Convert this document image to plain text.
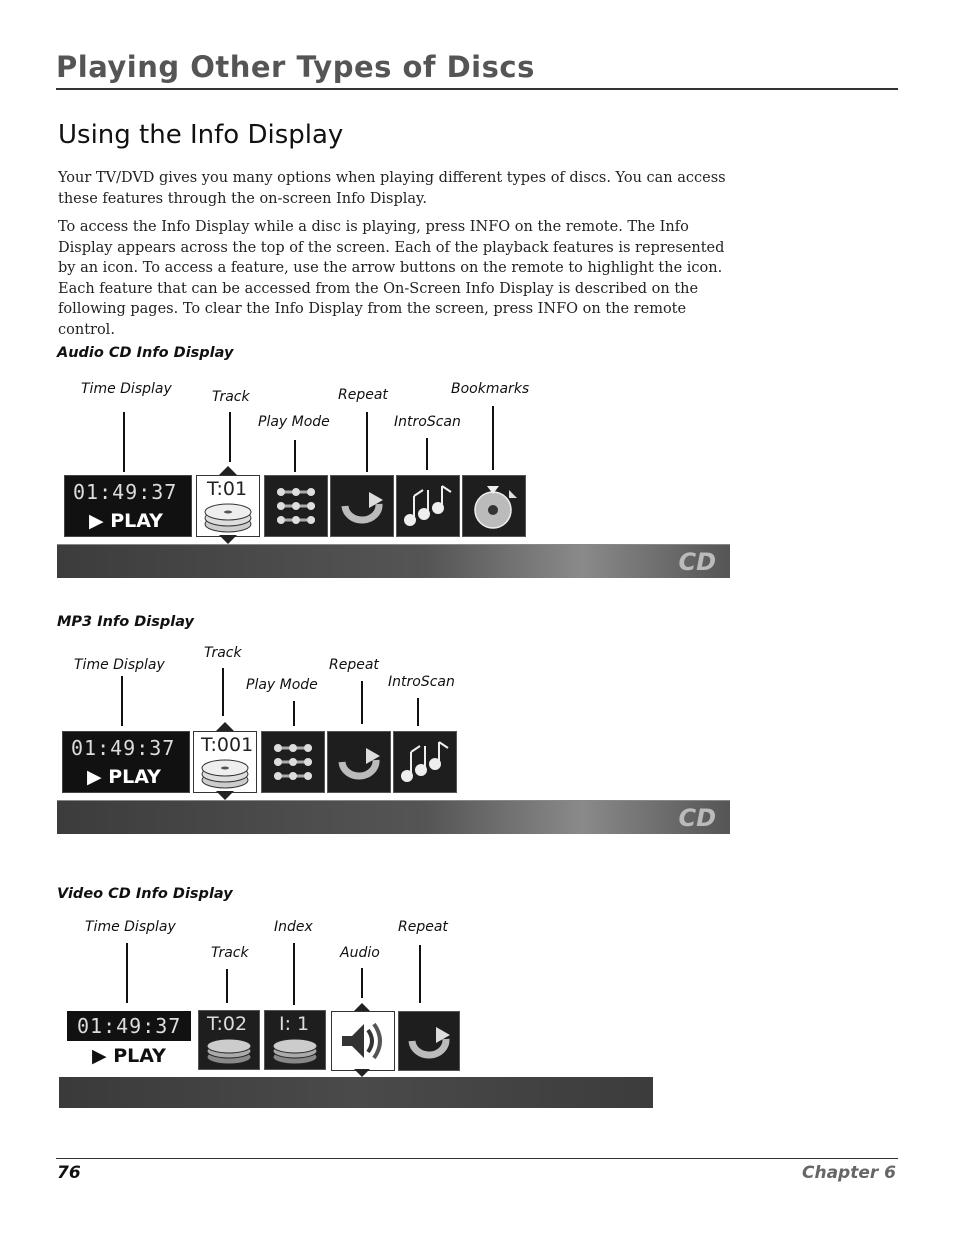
Playing Other Types of Discs
Using the Info Display
Your TV/DVD gives you many options when playing different types of discs. You can access these features through the on-screen Info Display.
To access the Info Display while a disc is playing, press INFO on the remote. The Info Display appears across the top of the screen. Each of the playback features is represented by an icon. To access a feature, use the arrow buttons on the remote to highlight the icon. Each feature that can be accessed from the On-Screen Info Display is described on the following pages. To clear the Info Display from the screen, press INFO on the remote control.
Audio CD Info Display
Time Display	Track
Play Mode
Repeat
IntroScan
Bookmarks
01:49:37
▶ PLAY
T:01
CD
MP3 Info Display
Time Display
Track
Play Mode
Repeat
IntroScan
01:49:37
▶ PLAY
T:001
CD
Video CD Info Display
Time Display
Track
Index
Audio
Repeat
01:49:37
▶ PLAY
T:02 I: 1
76	Chapter 6
